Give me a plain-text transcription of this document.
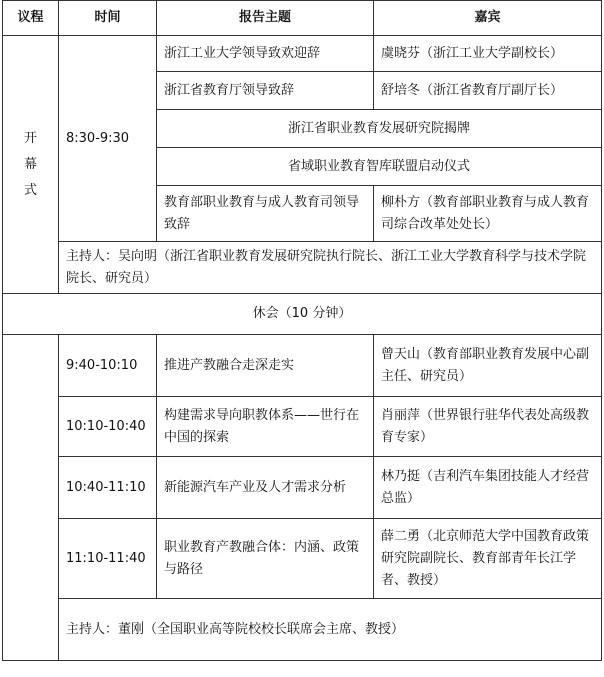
议程	时间	报告主题	嘉宾

开
幕
式	8:30-9:30	浙江工业大学领导致欢迎辞	虞晓芬（浙江工业大学副校长）
		浙江省教育厅领导致辞	舒培冬（浙江省教育厅副厅长）
		浙江省职业教育发展研究院揭牌	
		省域职业教育智库联盟启动仪式	
		教育部职业教育与成人教育司领导致辞	柳朴方（教育部职业教育与成人教育司综合改革处处长）
	主持人：吴向明（浙江省职业教育发展研究院执行院长、浙江工业大学教育科学与技术学院院长、研究员）		
休会（10 分钟）			
	9:40-10:10	推进产教融合走深走实	曾天山（教育部职业教育发展中心副主任、研究员）
	10:10-10:40	构建需求导向职教体系——世行在中国的探索	肖丽萍（世界银行驻华代表处高级教育专家）
	10:40-11:10	新能源汽车产业及人才需求分析	林乃挺（吉利汽车集团技能人才经营总监）
	11:10-11:40	职业教育产教融合体：内涵、政策与路径	薛二勇（北京师范大学中国教育政策研究院副院长、教育部青年长江学者、教授）
	主持人：董刚（全国职业高等院校校长联席会主席、教授）		
